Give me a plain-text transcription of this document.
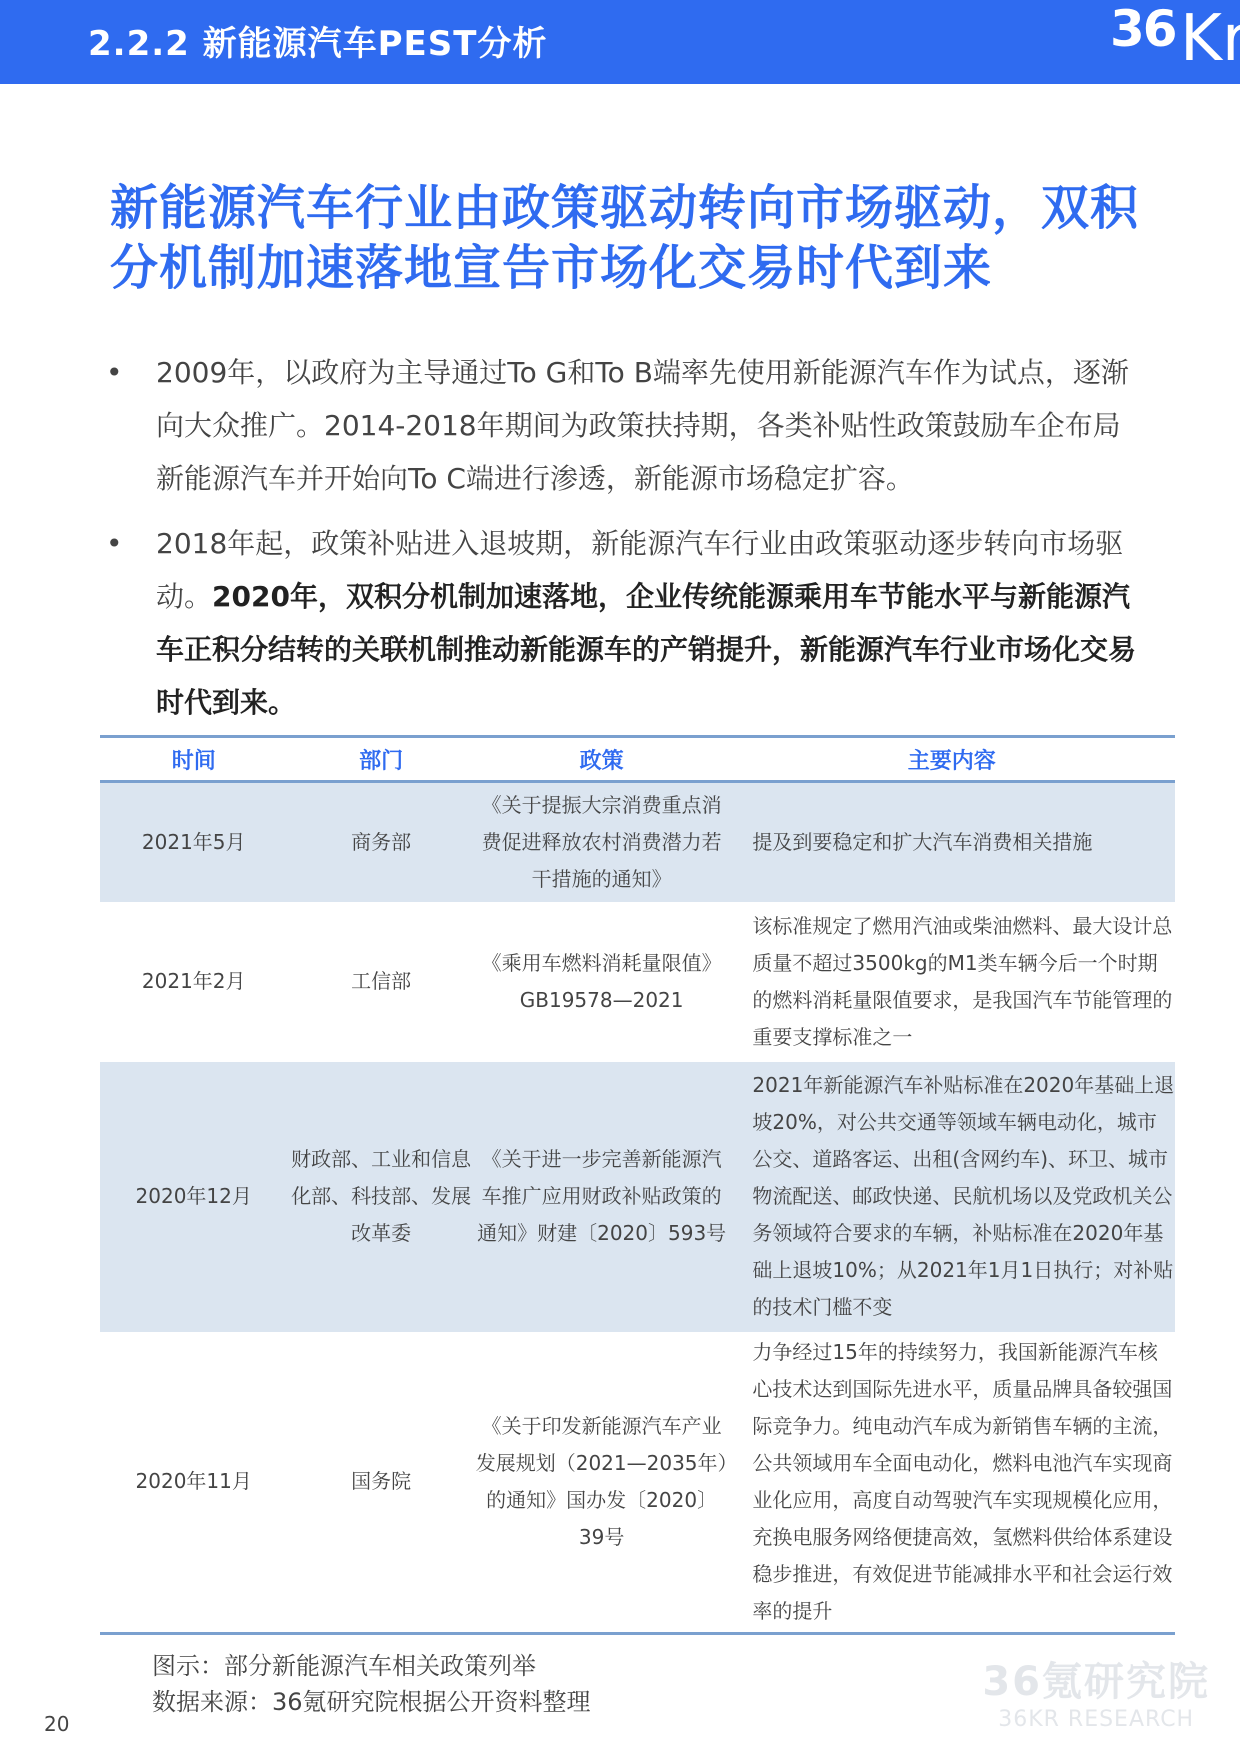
2.2.2 新能源汽车PEST分析	36 Kr
新能源汽车行业由政策驱动转向市场驱动，双积分机制加速落地宣告市场化交易时代到来
• 2009年，以政府为主导通过To G和To B端率先使用新能源汽车作为试点，逐渐向大众推广。2014-2018年期间为政策扶持期，各类补贴性政策鼓励车企布局新能源汽车并开始向To C端进行渗透，新能源市场稳定扩容。
• 2018年起，政策补贴进入退坡期，新能源汽车行业由政策驱动逐步转向市场驱动。2020年，双积分机制加速落地，企业传统能源乘用车节能水平与新能源汽车正积分结转的关联机制推动新能源车的产销提升，新能源汽车行业市场化交易时代到来。
时间	部门	政策	主要内容
2021年5月	商务部	《关于提振大宗消费重点消费促进释放农村消费潜力若干措施的通知》	提及到要稳定和扩大汽车消费相关措施
2021年2月	工信部	《乘用车燃料消耗量限值》GB19578—2021	该标准规定了燃用汽油或柴油燃料、最大设计总质量不超过3500kg的M1类车辆今后一个时期的燃料消耗量限值要求，是我国汽车节能管理的重要支撑标准之一
2020年12月	财政部、工业和信息化部、科技部、发展改革委	《关于进一步完善新能源汽车推广应用财政补贴政策的通知》财建〔2020〕593号	2021年新能源汽车补贴标准在2020年基础上退坡20%，对公共交通等领域车辆电动化，城市公交、道路客运、出租(含网约车)、环卫、城市物流配送、邮政快递、民航机场以及党政机关公务领域符合要求的车辆，补贴标准在2020年基础上退坡10%；从2021年1月1日执行；对补贴的技术门槛不变
2020年11月	国务院	《关于印发新能源汽车产业发展规划（2021—2035年）的通知》国办发〔2020〕39号	力争经过15年的持续努力，我国新能源汽车核心技术达到国际先进水平，质量品牌具备较强国际竞争力。纯电动汽车成为新销售车辆的主流，公共领域用车全面电动化，燃料电池汽车实现商业化应用，高度自动驾驶汽车实现规模化应用，充换电服务网络便捷高效，氢燃料供给体系建设稳步推进，有效促进节能减排水平和社会运行效率的提升
图示：部分新能源汽车相关政策列举
数据来源：36氪研究院根据公开资料整理	36氪研究院
36KR RESEARCH
20
